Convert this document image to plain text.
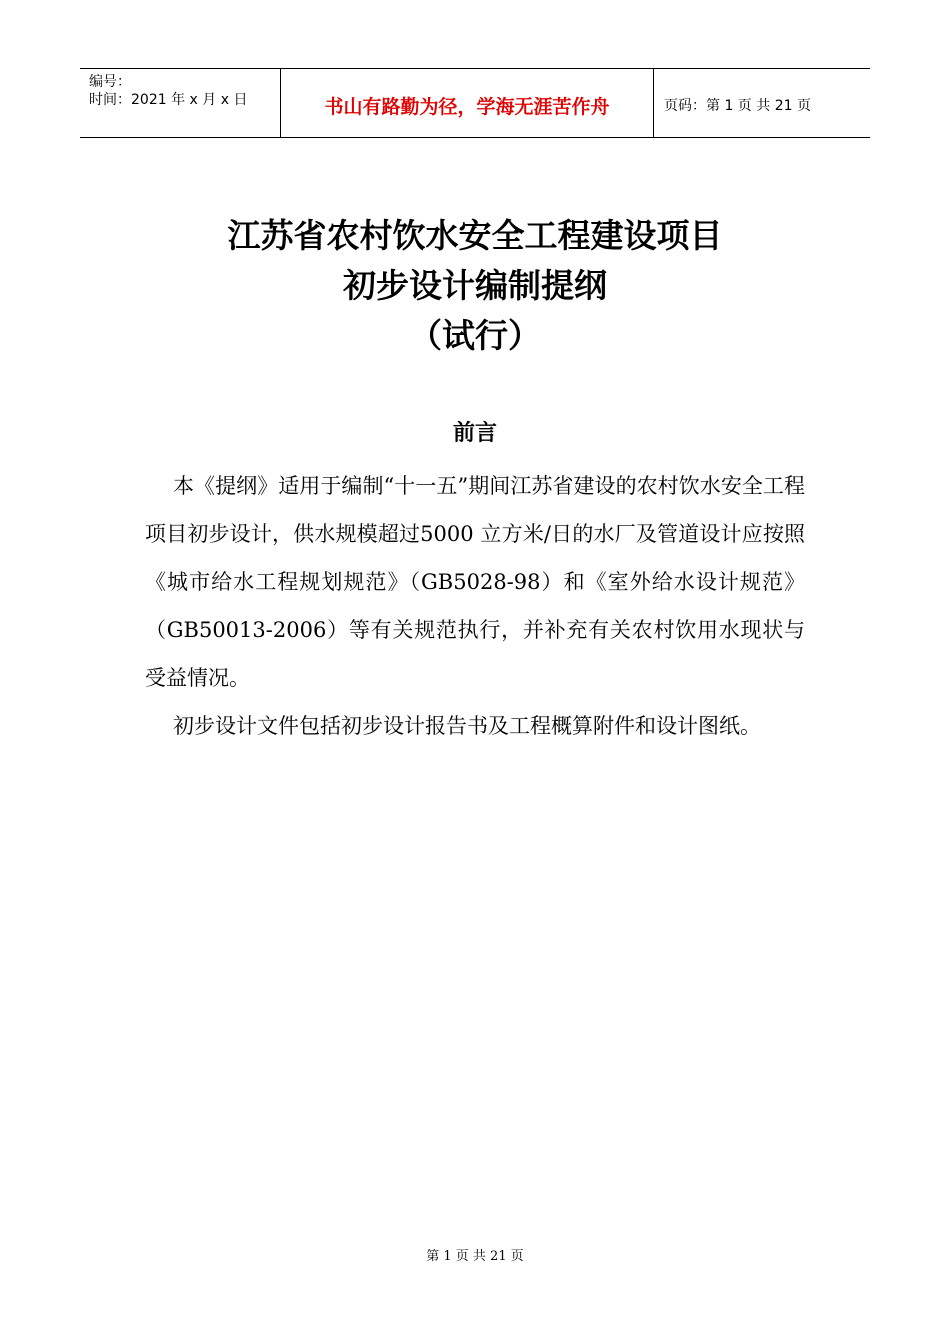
编号：
时间：2021 年 x 月 x 日	书山有路勤为径，学海无涯苦作舟	页码：第 1 页 共 21 页
江苏省农村饮水安全工程建设项目
初步设计编制提纲
（试行）
前言

本《提纲》适用于编制“十一五”期间江苏省建设的农村饮水安全工程项目初步设计，供水规模超过5000 立方米/日的水厂及管道设计应按照《城市给水工程规划规范》（GB5028-98）和《室外给水设计规范》（GB50013-2006）等有关规范执行，并补充有关农村饮用水现状与受益情况。

初步设计文件包括初步设计报告书及工程概算附件和设计图纸。

第 1 页 共 21 页
